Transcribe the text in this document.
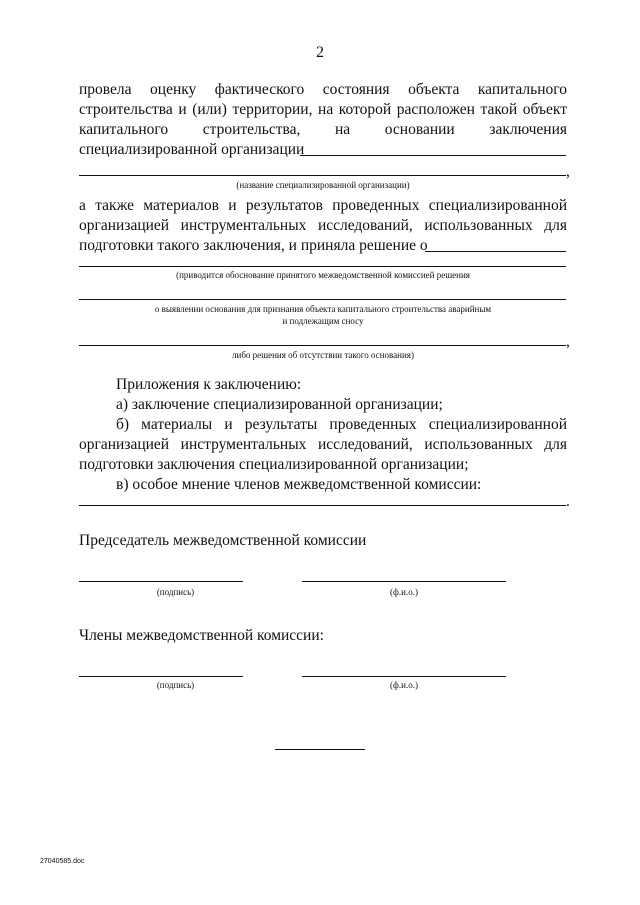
2
провела оценку фактического состояния объекта капитального
строительства и (или) территории, на которой расположен такой объект
капитального строительства, на основании заключения
специализированной организации
,
(название специализированной организации)
а также материалов и результатов проведенных специализированной
организацией инструментальных исследований, использованных для
подготовки такого заключения, и приняла решение о
(приводится обоснование принятого межведомственной комиссией решения
о выявлении основания для признания объекта капитального строительства аварийным
и подлежащим сносу
,
либо решения об отсутствии такого основания)
Приложения к заключению:
а) заключение специализированной организации;
б) материалы и результаты проведенных специализированной
организацией инструментальных исследований, использованных для
подготовки заключения специализированной организации;
в) особое мнение членов межведомственной комиссии:
.
Председатель межведомственной комиссии
(подпись)	(ф.и.о.)
Члены межведомственной комиссии:
(подпись)	(ф.и.о.)
27040585.doc
